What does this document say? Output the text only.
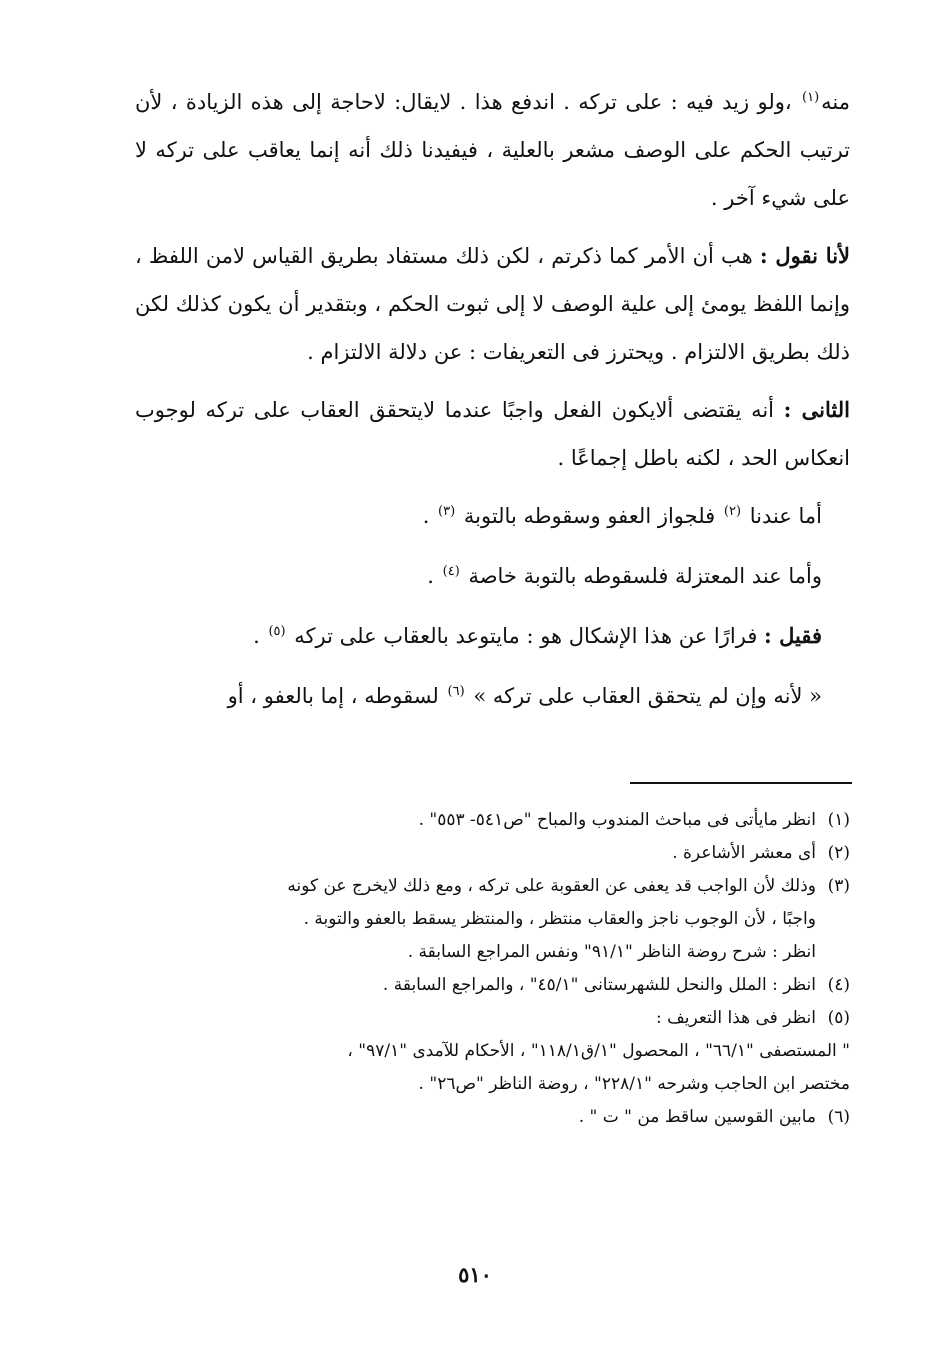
منه$^{(١)}$ ،ولو زيد فيه : على تركه . اندفع هذا . لايقال: لاحاجة إلى هذه الزيادة ، لأن ترتيب الحكم على الوصف مشعر بالعلية ، فيفيدنا ذلك أنه إنما يعاقب على تركه لا على شيء آخر .

لأنا نقول : هب أن الأمر كما ذكرتم ، لكن ذلك مستفاد بطريق القياس لامن اللفظ ، وإنما اللفظ يومئ إلى علية الوصف لا إلى ثبوت الحكم ، وبتقدير أن يكون كذلك لكن ذلك بطريق الالتزام . ويحترز فى التعريفات : عن دلالة الالتزام .

الثانى : أنه يقتضى ألايكون الفعل واجبًا عندما لايتحقق العقاب على تركه لوجوب انعكاس الحد ، لكنه باطل إجماعًا .

أما عندنا $^{(٢)}$ فلجواز العفو وسقوطه بالتوبة $^{(٣)}$ .

وأما عند المعتزلة فلسقوطه بالتوبة خاصة $^{(٤)}$ .

فقيل : فرارًا عن هذا الإشكال هو : مايتوعد بالعقاب على تركه $^{(٥)}$ .

« لأنه وإن لم يتحقق العقاب على تركه » $^{(٦)}$ لسقوطه ، إما بالعفو ، أو

(١)
انظر مايأتى فى مباحث المندوب والمباح "ص٥٤١- ٥٥٣" .
(٢)
أى معشر الأشاعرة .
(٣)
وذلك لأن الواجب قد يعفى عن العقوبة على تركه ، ومع ذلك لايخرج عن كونه

واجبًا ، لأن الوجوب ناجز والعقاب منتظر ، والمنتظر يسقط بالعفو والتوبة .

انظر : شرح روضة الناظر "٩١/١" ونفس المراجع السابقة .

(٤)
انظر : الملل والنحل للشهرستانى "٤٥/١" ، والمراجع السابقة .
(٥)
انظر فى هذا التعريف :

" المستصفى "٦٦/١" ، المحصول "١/ق١١٨/١" ، الأحكام للآمدى "٩٧/١" ،

مختصر ابن الحاجب وشرحه "٢٢٨/١" ، روضة الناظر "ص٢٦" .

(٦)
مابين القوسين ساقط من " ت " .
٥١٠
